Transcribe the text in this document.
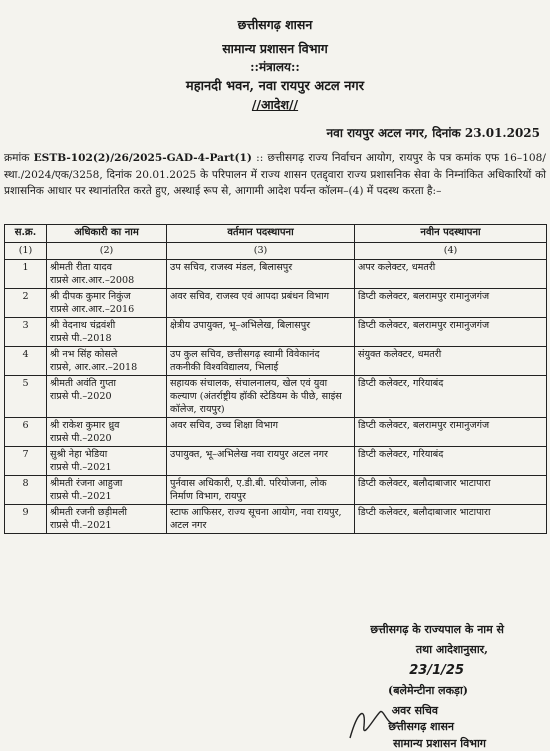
छत्तीसगढ़ शासन
सामान्य प्रशासन विभाग
::मंत्रालय::
महानदी भवन, नवा रायपुर अटल नगर
//आदेश//
नवा रायपुर अटल नगर, दिनांक 23.01.2025
क्रमांक ESTB-102(2)/26/2025-GAD-4-Part(1) :: छत्तीसगढ़ राज्य निर्वाचन आयोग, रायपुर के पत्र कमांक एफ 16–108/स्था./2024/एक/3258, दिनांक 20.01.2025 के परिपालन में राज्य शासन एतद्द्वारा राज्य प्रशासनिक सेवा के निम्नांकित अधिकारियों को प्रशासनिक आधार पर स्थानांतरित करते हुए, अस्थाई रूप से, आगामी आदेश पर्यन्त कॉलम–(4) में पदस्थ करता है:–
स.क्र.	अधिकारी का नाम	वर्तमान पदस्थापना	नवीन पदस्थापना
(1)	(2)	(3)	(4)

1	श्रीमती रीता यादव
राप्रसे आर.आर.–2008	उप सचिव, राजस्व मंडल, बिलासपुर	अपर कलेक्टर, धमतरी

2	श्री दीपक कुमार निकुंज
राप्रसे आर.आर.–2016	अवर सचिव, राजस्व एवं आपदा प्रबंधन विभाग	डिप्टी कलेक्टर, बलरामपुर रामानुजगंज

3	श्री वेदनाथ चंद्रवंशी
राप्रसे पी.–2018	क्षेत्रीय उपायुक्त, भू–अभिलेख, बिलासपुर	डिप्टी कलेक्टर, बलरामपुर रामानुजगंज

4	श्री नभ सिंह कोसले
राप्रसे, आर.आर.–2018	उप कुल सचिव, छत्तीसगढ़ स्वामी विवेकानंद तकनीकी विश्वविद्यालय, भिलाई	संयुक्त कलेक्टर, धमतरी

5	श्रीमती अवंति गुप्ता
राप्रसे पी.–2020	सहायक संचालक, संचालनालय, खेल एवं युवा कल्याण (अंतर्राष्ट्रीय हॉकी स्टेडियम के पीछे, साइंस कॉलेज, रायपुर)	डिप्टी कलेक्टर, गरियाबंद

6	श्री राकेश कुमार ध्रुव
राप्रसे पी.–2020	अवर सचिव, उच्च शिक्षा विभाग	डिप्टी कलेक्टर, बलरामपुर रामानुजगंज

7	सुश्री नेहा भेडिया
राप्रसे पी.–2021	उपायुक्त, भू–अभिलेख नवा रायपुर अटल नगर	डिप्टी कलेक्टर, गरियाबंद

8	श्रीमती रंजना आहुजा
राप्रसे पी.–2021	पुर्नवास अधिकारी, ए.डी.बी. परियोजना, लोक निर्माण विभाग, रायपुर	डिप्टी कलेक्टर, बलौदाबाजार भाटापारा

9	श्रीमती रजनी छड़ीमली
राप्रसे पी.–2021	स्टाफ आफिसर, राज्य सूचना आयोग, नवा रायपुर, अटल नगर	डिप्टी कलेक्टर, बलौदाबाजार भाटापारा
छत्तीसगढ़ के राज्यपाल के नाम से
तथा आदेशानुसार,
23/1/25
(बलेमेन्टीना लकड़ा)
अवर सचिव
छत्तीसगढ़ शासन
सामान्य प्रशासन विभाग
